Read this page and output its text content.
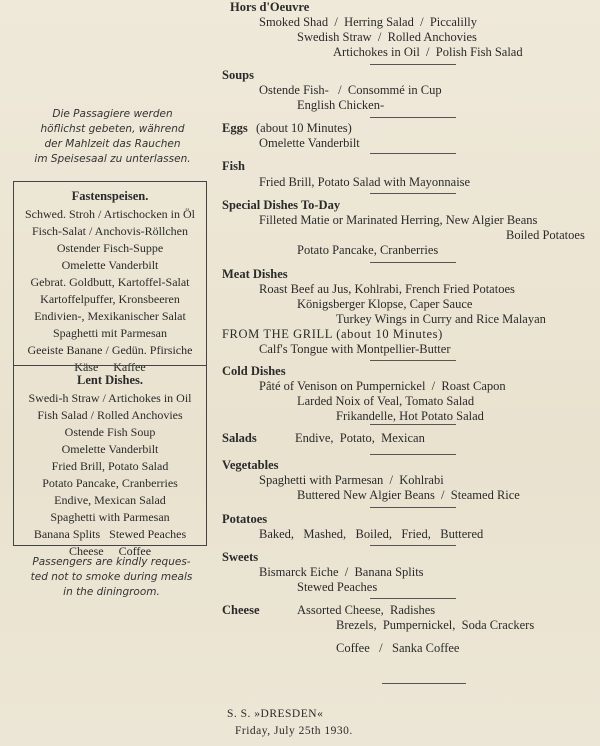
Die Passagiere werden
höflichst gebeten, während
der Mahlzeit das Rauchen
im Speisesaal zu unterlassen.
Fastenspeisen.
Schwed. Stroh / Artischocken in Öl
Fisch-Salat / Anchovis-Röllchen
Ostender Fisch-Suppe
Omelette Vanderbilt
Gebrat. Goldbutt, Kartoffel-Salat
Kartoffelpuffer, Kronsbeeren
Endivien-, Mexikanischer Salat
Spaghetti mit Parmesan
Geeiste Banane / Gedün. Pfirsiche
Käse     Kaffee
Lent Dishes.
Swedi-h Straw / Artichokes in Oil
Fish Salad / Rolled Anchovies
Ostende Fish Soup
Omelette Vanderbilt
Fried Brill, Potato Salad
Potato Pancake, Cranberries
Endive, Mexican Salad
Spaghetti with Parmesan
Banana Splits   Stewed Peaches
Cheese     Coffee
Passengers are kindly reques-
ted not to smoke during meals
in the diningroom.
Hors d'Oeuvre
Smoked Shad  /  Herring Salad  /  Piccalilly
Swedish Straw  /  Rolled Anchovies
Artichokes in Oil  /  Polish Fish Salad
Soups
Ostende Fish-   /  Consommé in Cup
English Chicken-
Eggs (about 10 Minutes)
Omelette Vanderbilt
Fish
Fried Brill, Potato Salad with Mayonnaise
Special Dishes To-Day
Filleted Matie or Marinated Herring, New Algier Beans
Boiled Potatoes
Potato Pancake, Cranberries
Meat Dishes
Roast Beef au Jus, Kohlrabi, French Fried Potatoes
Königsberger Klopse, Caper Sauce
Turkey Wings in Curry and Rice Malayan
FROM THE GRILL (about 10 Minutes)
Calf's Tongue with Montpellier-Butter
Cold Dishes
Pâté of Venison on Pumpernickel  /  Roast Capon
Larded Noix of Veal, Tomato Salad
Frikandelle, Hot Potato Salad
Salads	Endive,  Potato,  Mexican
Vegetables
Spaghetti with Parmesan  /  Kohlrabi
Buttered New Algier Beans  /  Steamed Rice
Potatoes
Baked,   Mashed,   Boiled,   Fried,   Buttered
Sweets
Bismarck Eiche  /  Banana Splits
Stewed Peaches
Cheese	Assorted Cheese,  Radishes
Brezels,  Pumpernickel,  Soda Crackers
Coffee   /   Sanka Coffee
S. S. »DRESDEN«
Friday, July 25th 1930.
